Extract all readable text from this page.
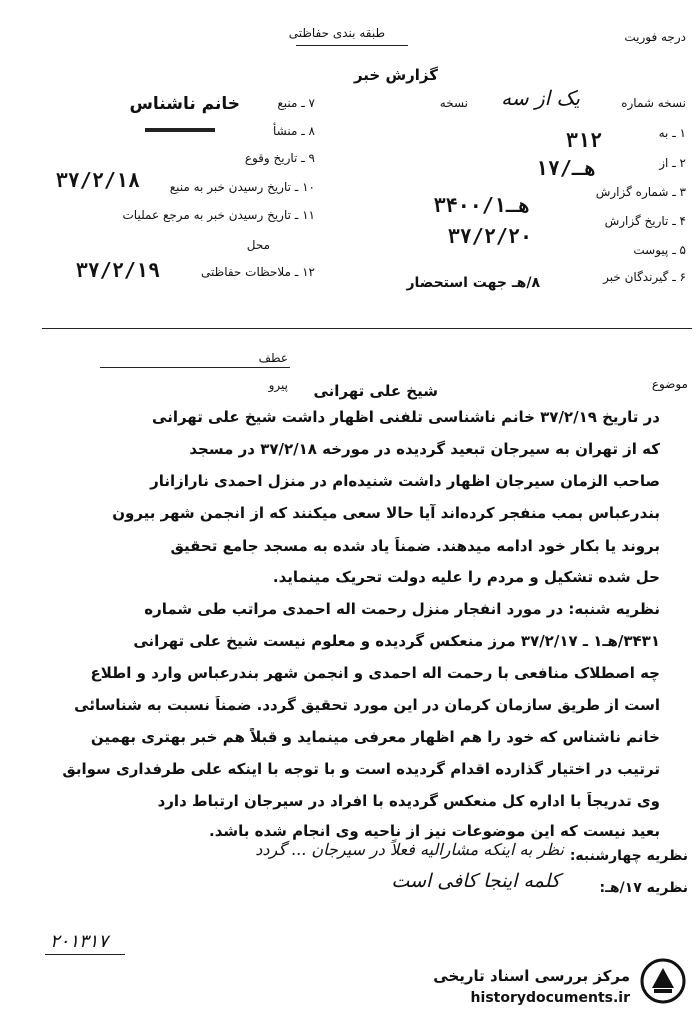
درجه فوریت
طبقه بندی حفاظتی
گزارش خبر
نسخه شماره
یک از سه
نسخه
۱ ـ به
۳۱۲
۲ ـ از
۱۷/هـ
۳ ـ شماره گزارش
۳۴۰۰/۱هـ
۴ ـ تاریخ گزارش
۳۷/۲/۲۰
۵ ـ پیوست
۶ ـ گیرندگان خبر
۸/هـ جهت استحضار
خانم ناشناس	۷ ـ منبع
۸ ـ منشأ
۹ ـ تاریخ وقوع
۱۰ ـ تاریخ رسیدن خبر به منبع
۳۷/۲/۱۸
۱۱ ـ تاریخ رسیدن خبر به مرجع عملیات
محل
۱۲ ـ ملاحظات حفاظتی
۳۷/۲/۱۹
عطف
پیرو	موضوع
شیخ علی تهرانی
در تاریخ ۳۷/۲/۱۹ خانم ناشناسی تلفنی اظهار داشت شیخ علی تهرانی
که از تهران به سیرجان تبعید گردیده در مورخه ۳۷/۲/۱۸ در مسجد
صاحب الزمان سیرجان اظهار داشت شنیده‌ام در منزل احمدی نارازانار
بندرعباس بمب منفجر کرده‌اند آیا حالا سعی میکنند که از انجمن شهر بیرون
بروند یا بکار خود ادامه میدهند. ضمناً یاد شده به مسجد جامع تحقیق
حل شده تشکیل و مردم را علیه دولت تحریک مینماید.
نظریه شنبه: در مورد انفجار منزل رحمت اله احمدی مراتب طی شماره
۳۴۳۱/هـ۱ ـ ۳۷/۲/۱۷ مرز منعکس گردیده و معلوم نیست شیخ علی تهرانی
چه اصطلاک منافعی با رحمت اله احمدی و انجمن شهر بندرعباس وارد و اطلاع
است از طریق سازمان کرمان در این مورد تحقیق گردد. ضمناً نسبت به شناسائی
خانم ناشناس که خود را هم اظهار معرفی مینماید و قبلاً هم خبر بهتری بهمین
ترتیب در اختیار گذارده اقدام گردیده است و با توجه با اینکه علی طرفداری سوابق
وی تدریجاً با اداره کل منعکس گردیده با افراد در سیرجان ارتباط دارد
بعید نیست که این موضوعات نیز از ناحیه وی انجام شده باشد.
نظریه چهارشنبه:
نظر به اینکه مشارالیه فعلاً در سیرجان ... گردد
نظریه ۱۷/هـ:
کلمه اینجا کافی است
۲۰۱۳۱۷
مرکز بررسی اسناد تاریخی
historydocuments.ir
